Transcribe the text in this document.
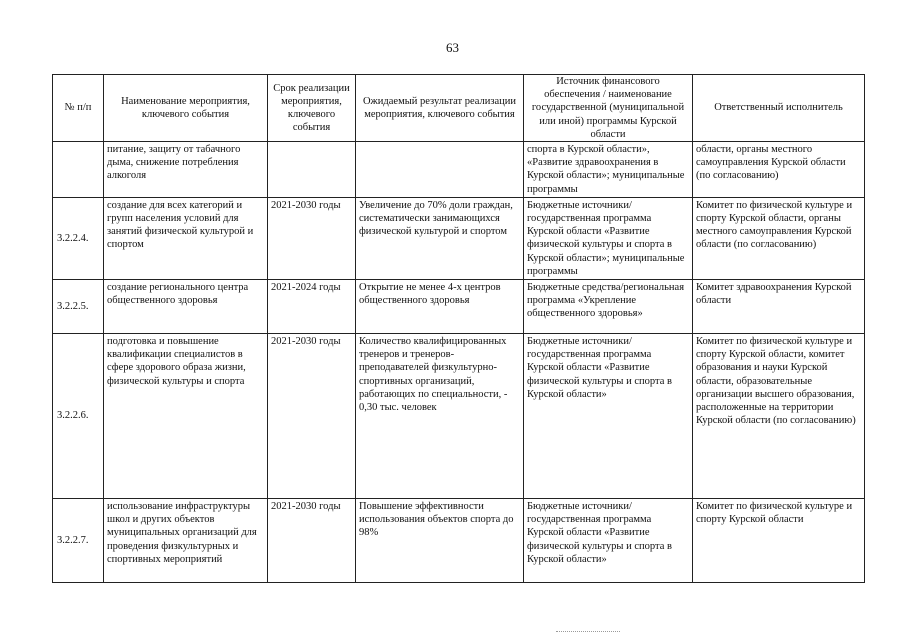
63
№ п/п	Наименование мероприятия, ключевого события	Срок реализации мероприятия, ключевого события	Ожидаемый результат реализации мероприятия, ключевого события	Источник финансового обеспечения / наименование государственной (муниципальной или иной) программы Курской области	Ответственный исполнитель
	питание, защиту от табачного дыма, снижение потребления алкоголя			спорта в Курской области», «Развитие здравоохранения в Курской области»; муниципальные программы	области, органы местного самоуправления Курской области (по согласованию)
3.2.2.4.	создание для всех категорий и групп населения условий для занятий физической культурой и спортом	2021-2030 годы	Увеличение до 70% доли граждан, систематически занимающихся физической культурой и спортом	Бюджетные источники/ государственная программа Курской области «Развитие физической культуры и спорта в Курской области»; муниципальные программы	Комитет по физической культуре и спорту Курской области, органы местного самоуправления Курской области (по согласованию)
3.2.2.5.	создание регионального центра общественного здоровья	2021-2024 годы	Открытие не менее 4-х центров общественного здоровья	Бюджетные средства/региональная программа «Укрепление общественного здоровья»	Комитет здравоохранения Курской области
3.2.2.6.	подготовка и повышение квалификации специалистов в сфере здорового образа жизни, физической культуры и спорта	2021-2030 годы	Количество квалифицированных тренеров и тренеров-преподавателей физкультурно-спортивных организаций, работающих по специальности, - 0,30 тыс. человек	Бюджетные источники/ государственная программа Курской области «Развитие физической культуры и спорта в Курской области»	Комитет по физической культуре и спорту Курской области, комитет образования и науки Курской области, образовательные организации высшего образования, расположенные на территории Курской области (по согласованию)
3.2.2.7.	использование инфраструктуры школ и других объектов муниципальных организаций для проведения физкультурных и спортивных мероприятий	2021-2030 годы	Повышение эффективности использования объектов спорта до 98%	Бюджетные источники/ государственная программа Курской области «Развитие физической культуры и спорта в Курской области»	Комитет по физической культуре и спорту Курской области
